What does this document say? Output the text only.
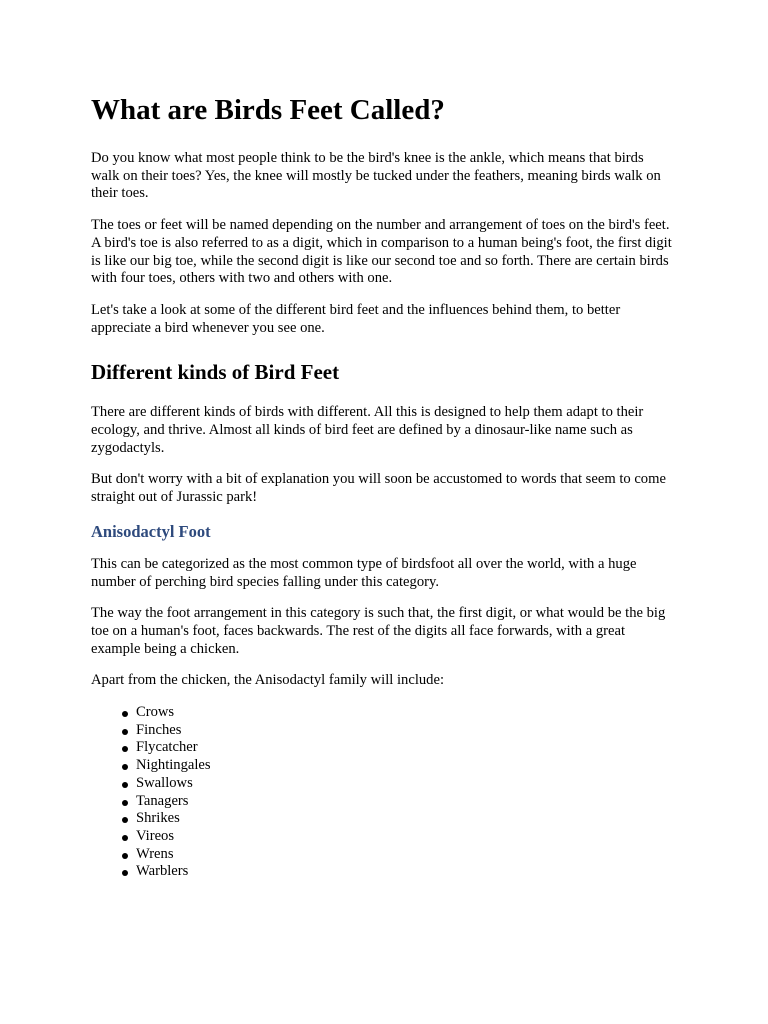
What are Birds Feet Called?

Do you know what most people think to be the bird's knee is the ankle, which means that birds walk on their toes? Yes, the knee will mostly be tucked under the feathers, meaning birds walk on their toes.

The toes or feet will be named depending on the number and arrangement of toes on the bird's feet. A bird's toe is also referred to as a digit, which in comparison to a human being's foot, the first digit is like our big toe, while the second digit is like our second toe and so forth. There are certain birds with four toes, others with two and others with one.

Let's take a look at some of the different bird feet and the influences behind them, to better appreciate a bird whenever you see one.

Different kinds of Bird Feet

There are different kinds of birds with different. All this is designed to help them adapt to their ecology, and thrive. Almost all kinds of bird feet are defined by a dinosaur-like name such as zygodactyls.

But don't worry with a bit of explanation you will soon be accustomed to words that seem to come straight out of Jurassic park!

Anisodactyl Foot

This can be categorized as the most common type of birdsfoot all over the world, with a huge number of perching bird species falling under this category.

The way the foot arrangement in this category is such that, the first digit, or what would be the big toe on a human's foot, faces backwards. The rest of the digits all face forwards, with a great example being a chicken.

Apart from the chicken, the Anisodactyl family will include:

Crows
Finches
Flycatcher
Nightingales
Swallows
Tanagers
Shrikes
Vireos
Wrens
Warblers
